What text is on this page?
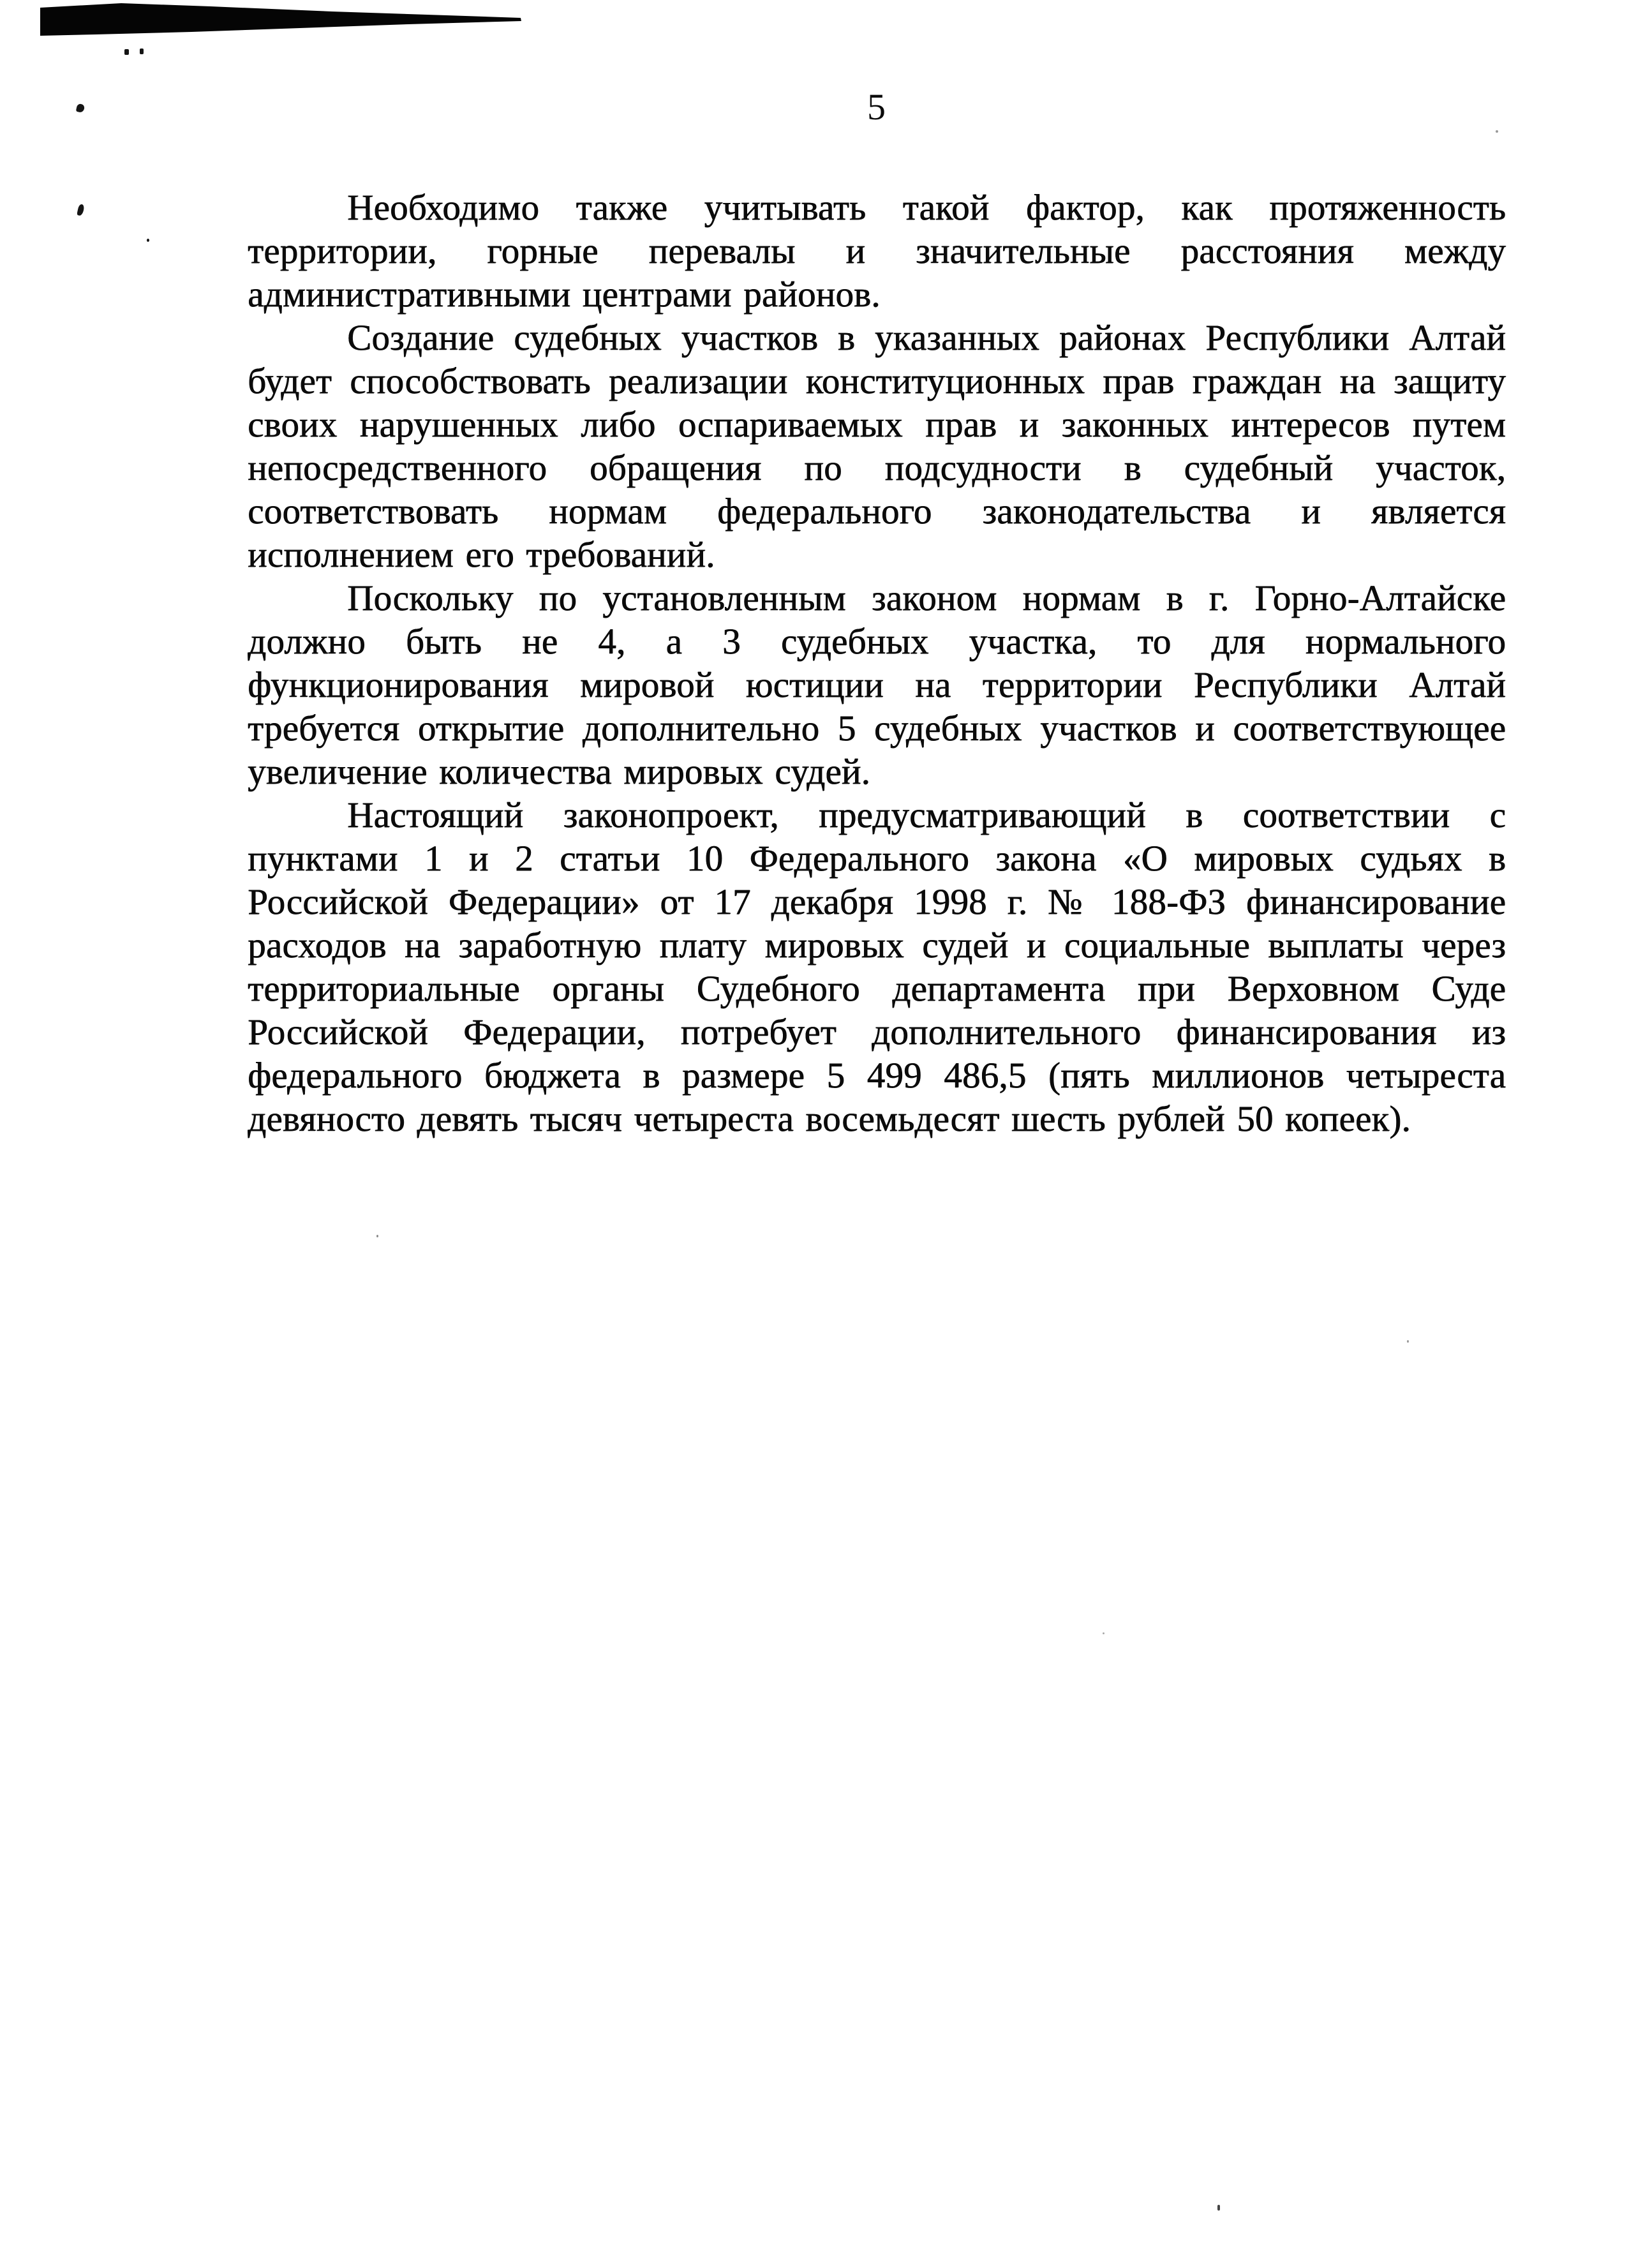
5

Необходимо также учитывать такой фактор, как протяженность территории, горные перевалы и значительные расстояния между административными центрами районов.

Создание судебных участков в указанных районах Республики Алтай будет способствовать реализации конституционных прав граждан на защиту своих нарушенных либо оспариваемых прав и законных интересов путем непосредственного обращения по подсудности в судебный участок, соответствовать нормам федерального законодательства и является исполнением его требований.

Поскольку по установленным законом нормам в г. Горно-Алтайске должно быть не 4, а 3 судебных участка, то для нормального функционирования мировой юстиции на территории Республики Алтай требуется открытие дополнительно 5 судебных участков и соответствующее увеличение количества мировых судей.

Настоящий законопроект, предусматривающий в соответствии с пунктами 1 и 2 статьи 10 Федерального закона «О мировых судьях в Российской Федерации» от 17 декабря 1998 г. № 188-ФЗ финансирование расходов на заработную плату мировых судей и социальные выплаты через территориальные органы Судебного департамента при Верховном Суде Российской Федерации, потребует дополнительного финансирования из федерального бюджета в размере 5 499 486,5 (пять миллионов четыреста девяносто девять тысяч четыреста восемьдесят шесть рублей 50 копеек).
